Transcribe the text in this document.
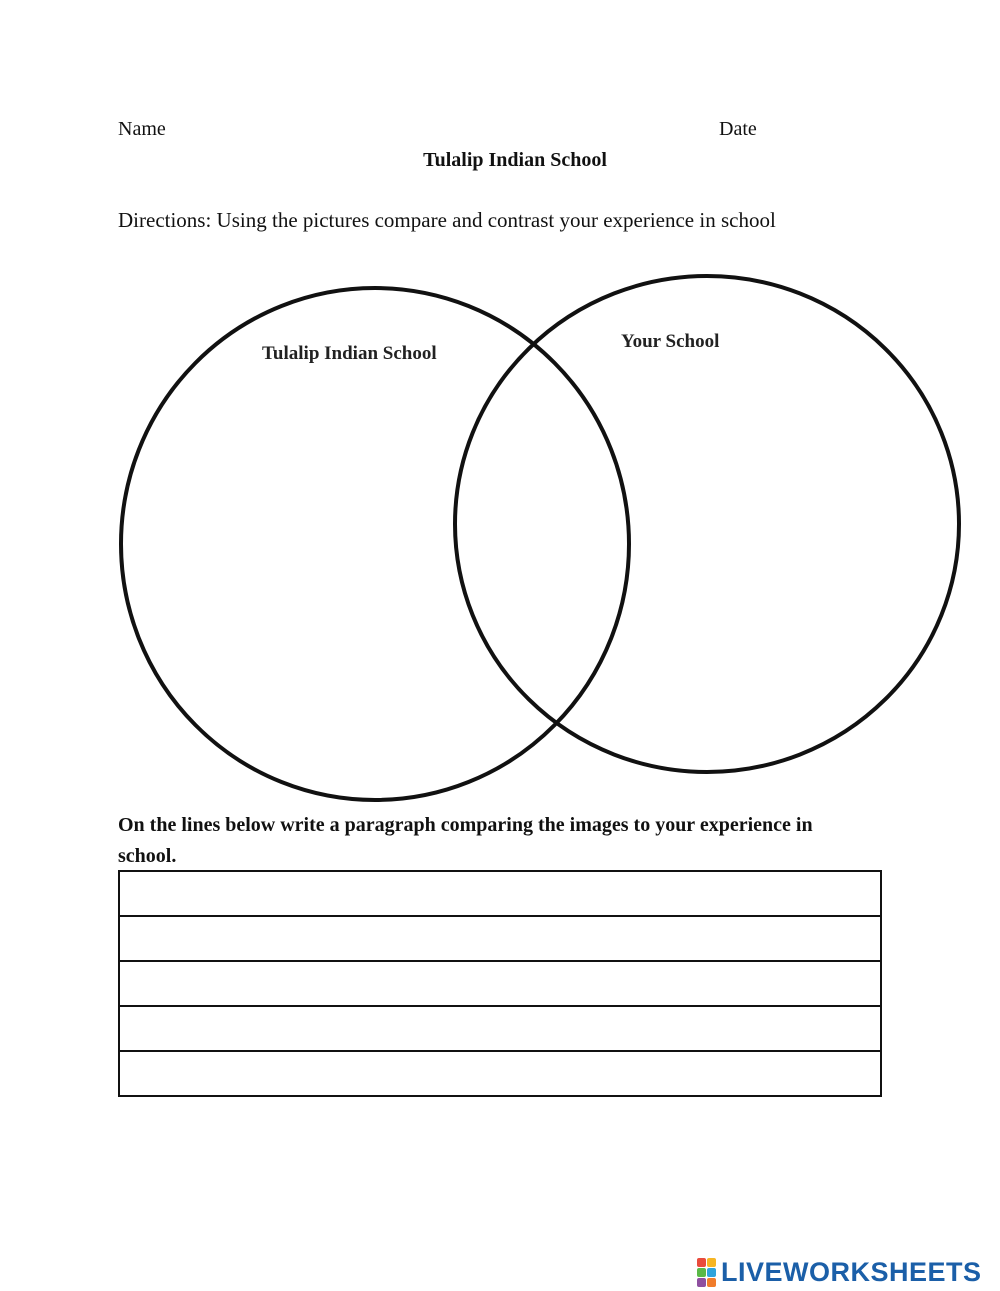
Name	Date
Tulalip Indian School
Directions: Using the pictures compare and contrast your experience in school
Tulalip Indian School
Your School
On the lines below write a paragraph comparing the images to your experience in school.
LIVEWORKSHEETS
